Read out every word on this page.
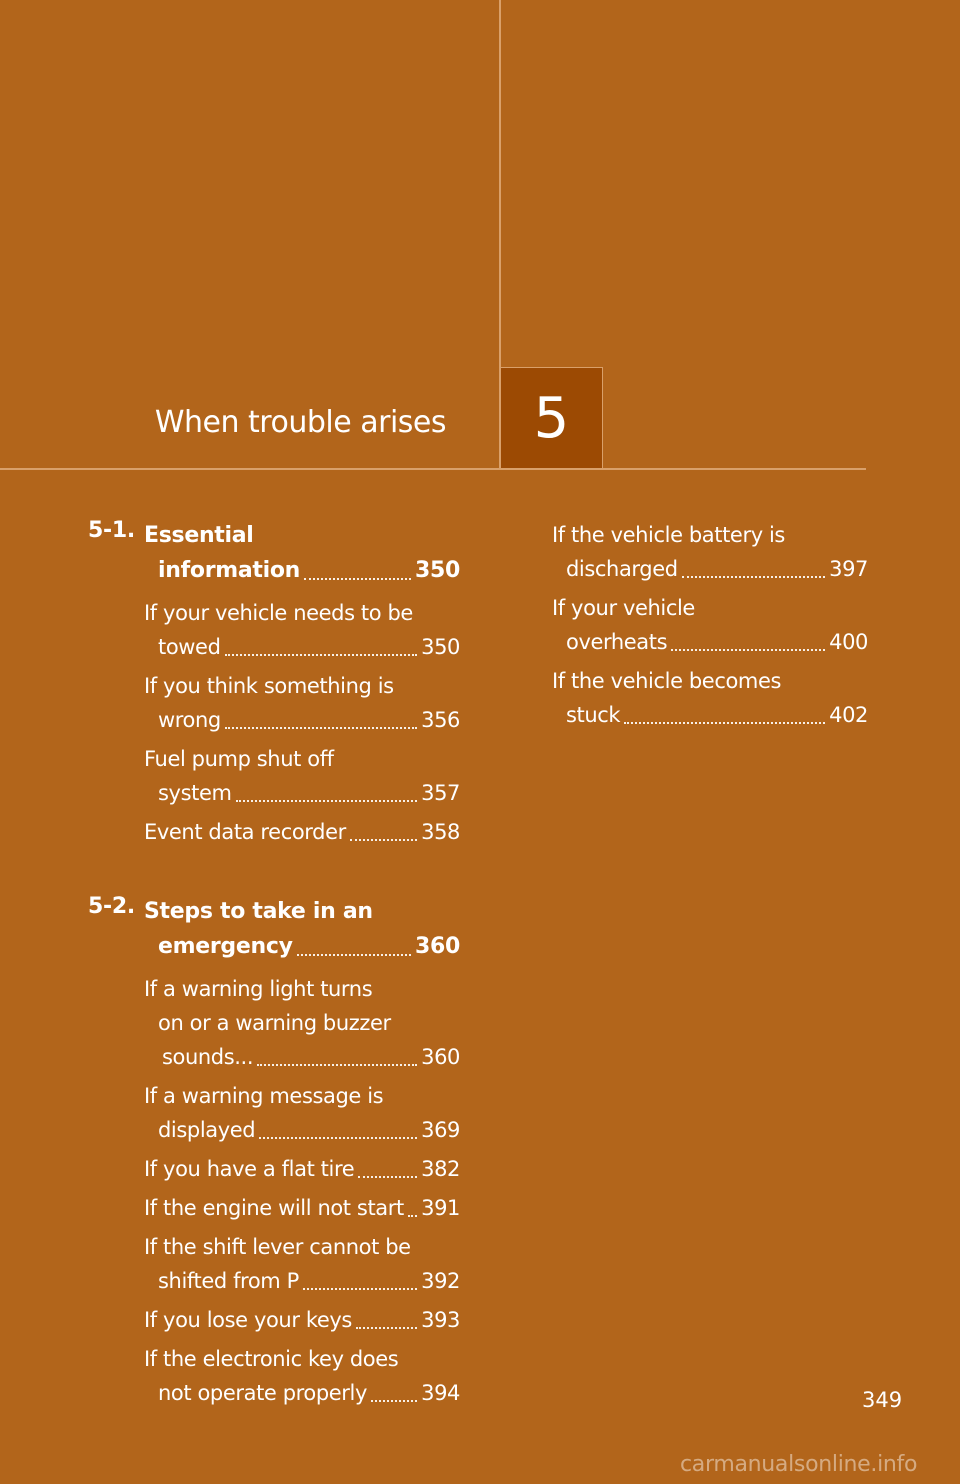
When trouble arises 5
5-1. Essential
information	350
If your vehicle needs to be
towed	350
If you think something is
wrong	356
Fuel pump shut off
system	357
Event data recorder	358
5-2. Steps to take in an
emergency	360
If a warning light turns
on or a warning buzzer
sounds...	360
If a warning message is
displayed	369
If you have a flat tire	382
If the engine will not start 391
If the shift lever cannot be
shifted from P	392
If you lose your keys	393
If the electronic key does
not operate properly	394
If the vehicle battery is
discharged	397
If your vehicle
overheats	400
If the vehicle becomes
stuck	402
349
carmanualsonline.info
